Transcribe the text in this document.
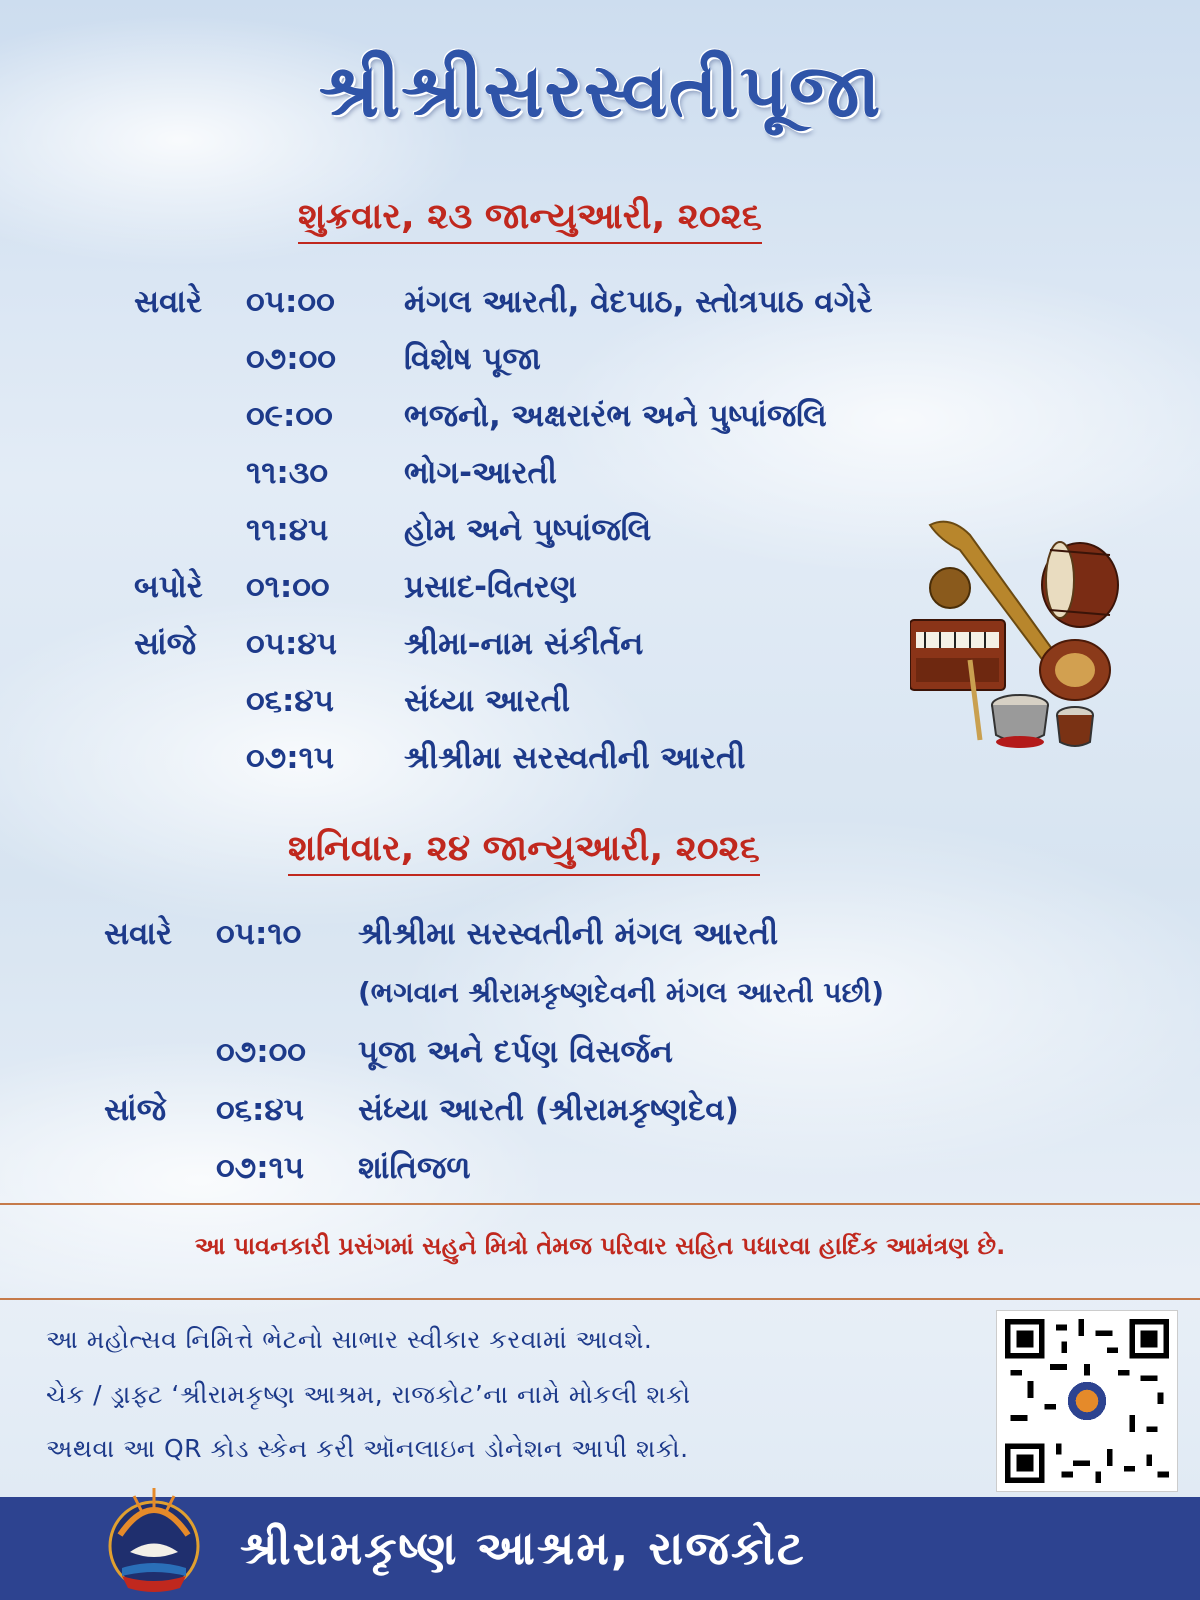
શ્રીશ્રીસરસ્વતીપૂજા
શુક્રવાર, ૨૩ જાન્યુઆરી, ૨૦૨૬
સવારે ૦૫:૦૦ મંગલ આરતી, વેદપાઠ, સ્તોત્રપાઠ વગેરે
૦૭:૦૦ વિશેષ પૂજા
૦૯:૦૦ ભજનો, અક્ષરારંભ અને પુષ્પાંજલિ
૧૧:૩૦ ભોગ-આરતી
૧૧:૪૫ હોમ અને પુષ્પાંજલિ
બપોરે ૦૧:૦૦ પ્રસાદ-વિતરણ
સાંજે ૦૫:૪૫ શ્રીમા-નામ સંકીર્તન
૦૬:૪૫ સંધ્યા આરતી
૦૭:૧૫ શ્રીશ્રીમા સરસ્વતીની આરતી
શનિવાર, ૨૪ જાન્યુઆરી, ૨૦૨૬
સવારે ૦૫:૧૦ શ્રીશ્રીમા સરસ્વતીની મંગલ આરતી
(ભગવાન શ્રીરામકૃષ્ણદેવની મંગલ આરતી પછી)
૦૭:૦૦ પૂજા અને દર્પણ વિસર્જન
સાંજે ૦૬:૪૫ સંધ્યા આરતી (શ્રીરામકૃષ્ણદેવ)
૦૭:૧૫ શાંતિજળ
આ પાવનકારી પ્રસંગમાં સહુને મિત્રો તેમજ પરિવાર સહિત પધારવા હાર્દિક આમંત્રણ છે.
આ મહોત્સવ નિમિત્તે ભેટનો સાભાર સ્વીકાર કરવામાં આવશે.
ચેક / ડ્રાફ્ટ ‘શ્રીરામકૃષ્ણ આશ્રમ, રાજકોટ’ના નામે મોકલી શકો
અથવા આ QR કોડ સ્કેન કરી ઑનલાઇન ડોનેશન આપી શકો.
શ્રીરામકૃષ્ણ આશ્રમ, રાજકોટ
